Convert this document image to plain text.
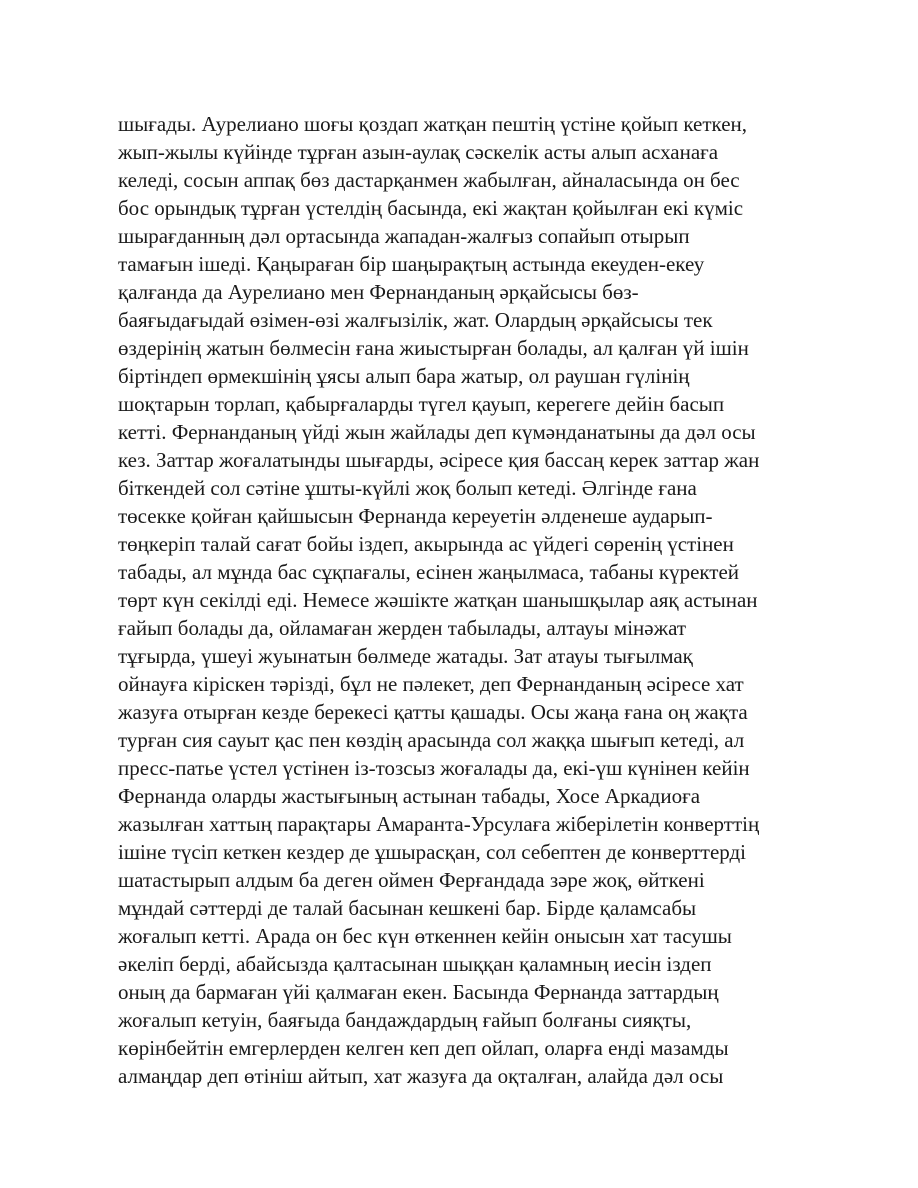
шығады. Аурелиано шоғы қоздап жатқан пештің үстіне қойып кеткен,
жып-жылы күйінде тұрған азын-аулақ сәскелік асты алып асханаға
келеді, сосын аппақ бөз дастарқанмен жабылған, айналасында он бес
бос орындық тұрған үстелдің басында, екі жақтан қойылған екі күміс
шырағданның дәл ортасында жападан-жалғыз сопайып отырып
тамағын ішеді. Қаңыраған бір шаңырақтың астында екеуден-екеу
қалғанда да Аурелиано мен Фернанданың әрқайсысы бөз-
баяғыдағыдай өзімен-өзі жалғызілік, жат. Олардың әрқайсысы тек
өздерінің жатын бөлмесін ғана жиыстырған болады, ал қалған үй ішін
біртіндеп өрмекшінің ұясы алып бара жатыр, ол раушан гүлінің
шоқтарын торлап, қабырғаларды түгел қауып, керегеге дейін басып
кетті. Фернанданың үйді жын жайлады деп күмәнданатыны да дәл осы
кез. Заттар жоғалатынды шығарды, әсіресе қия бассаң керек заттар жан
біткендей сол сәтіне ұшты-күйлі жоқ болып кетеді. Әлгінде ғана
төсекке қойған қайшысын Фернанда кереуетін әлденеше аударып-
төңкеріп талай сағат бойы іздеп, акырында ас үйдегі сөренің үстінен
табады, ал мұнда бас сұқпағалы, есінен жаңылмаса, табаны күректей
төрт күн секілді еді. Немесе жәшікте жатқан шанышқылар аяқ астынан
ғайып болады да, ойламаған жерден табылады, алтауы мінәжат
тұғырда, үшеуі жуынатын бөлмеде жатады. Зат атауы тығылмақ
ойнауға кіріскен тәрізді, бұл не пәлекет, деп Фернанданың әсіресе хат
жазуға отырған кезде берекесі қатты қашады. Осы жаңа ғана оң жақта
турған сия сауыт қас пен көздің арасында сол жаққа шығып кетеді, ал
пресс-патье үстел үстінен із-тозсыз жоғалады да, екі-үш күнінен кейін
Фернанда оларды жастығының астынан табады, Хосе Аркадиоға
жазылған хаттың парақтары Амаранта-Урсулаға жіберілетін конверттің
ішіне түсіп кеткен кездер де ұшырасқан, сол себептен де конверттерді
шатастырып алдым ба деген оймен Ферғандада зәре жоқ, өйткені
мұндай сәттерді де талай басынан кешкені бар. Бірде қаламсабы
жоғалып кетті. Арада он бес күн өткеннен кейін онысын хат тасушы
әкеліп берді, абайсызда қалтасынан шыққан қаламның иесін іздеп
оның да бармаған үйі қалмаған екен. Басында Фернанда заттардың
жоғалып кетуін, баяғыда бандаждардың ғайып болғаны сияқты,
көрінбейтін емгерлерден келген кеп деп ойлап, оларға енді мазамды
алмаңдар деп өтініш айтып, хат жазуға да оқталған, алайда дәл осы
